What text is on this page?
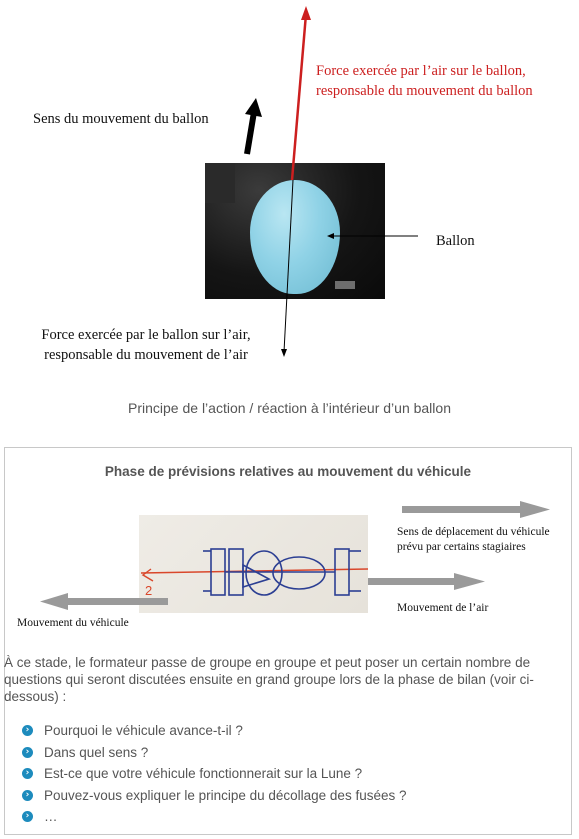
Force exercée par l’air sur le ballon,
responsable du mouvement du ballon
Sens du mouvement du ballon
Ballon
Force exercée par le ballon sur l’air,
responsable du mouvement de l’air
Principe de l’action / réaction à l’intérieur d’un ballon
Phase de prévisions relatives au mouvement du véhicule
2
Sens de déplacement du véhicule
prévu par certains stagiaires
Mouvement de l’air
Mouvement du véhicule
À ce stade, le formateur passe de groupe en groupe et peut poser un certain nombre de questions qui seront discutées ensuite en grand groupe lors de la phase de bilan (voir ci-dessous) :
› Pourquoi le véhicule avance-t-il ?
› Dans quel sens ?
› Est-ce que votre véhicule fonctionnerait sur la Lune ?
› Pouvez-vous expliquer le principe du décollage des fusées ?
› …
